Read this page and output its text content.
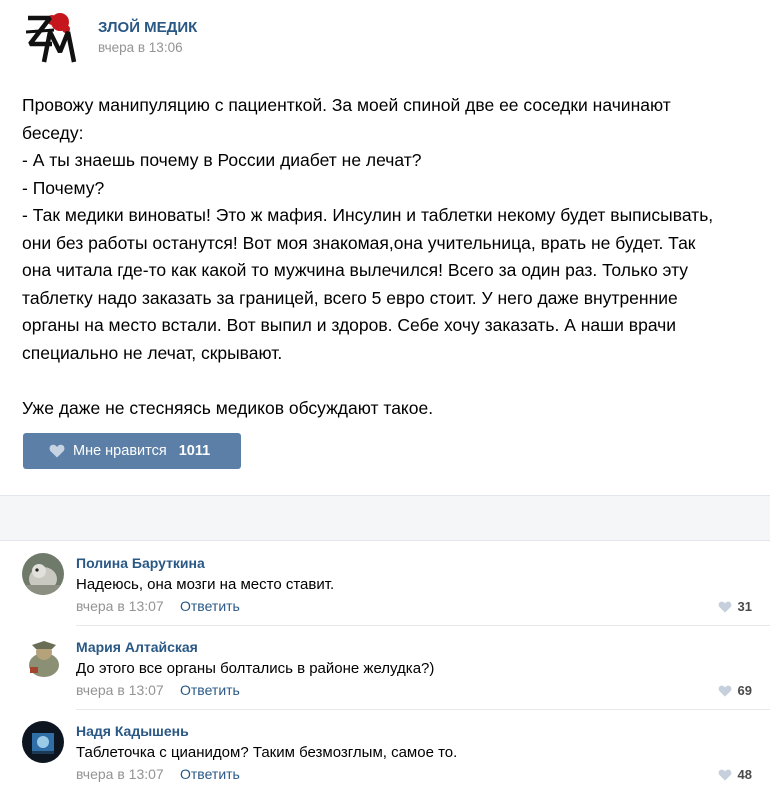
ЗЛОЙ МЕДИК
вчера в 13:06

Провожу манипуляцию с пациенткой. За моей спиной две ее соседки начинают

беседу:

- А ты знаешь почему в России диабет не лечат?

- Почему?

- Так медики виноваты! Это ж мафия. Инсулин и таблетки некому будет выписывать,

они без работы останутся! Вот моя знакомая,она учительница, врать не будет. Так

она читала где-то как какой то мужчина вылечился! Всего за один раз. Только эту

таблетку надо заказать за границей, всего 5 евро стоит. У него даже внутренние

органы на место встали. Вот выпил и здоров. Себе хочу заказать. А наши врачи

специально не лечат, скрывают.

Уже даже не стесняясь медиков обсуждают такое.

Мне нравится 1011
Полина Баруткина
Надеюсь, она мозги на место ставит.
вчера в 13:07 Ответить	31
Мария Алтайская
До этого все органы болтались в районе желудка?)
вчера в 13:07 Ответить	69
Надя Кадышень
Таблеточка с цианидом? Таким безмозглым, самое то.
вчера в 13:07 Ответить	48
